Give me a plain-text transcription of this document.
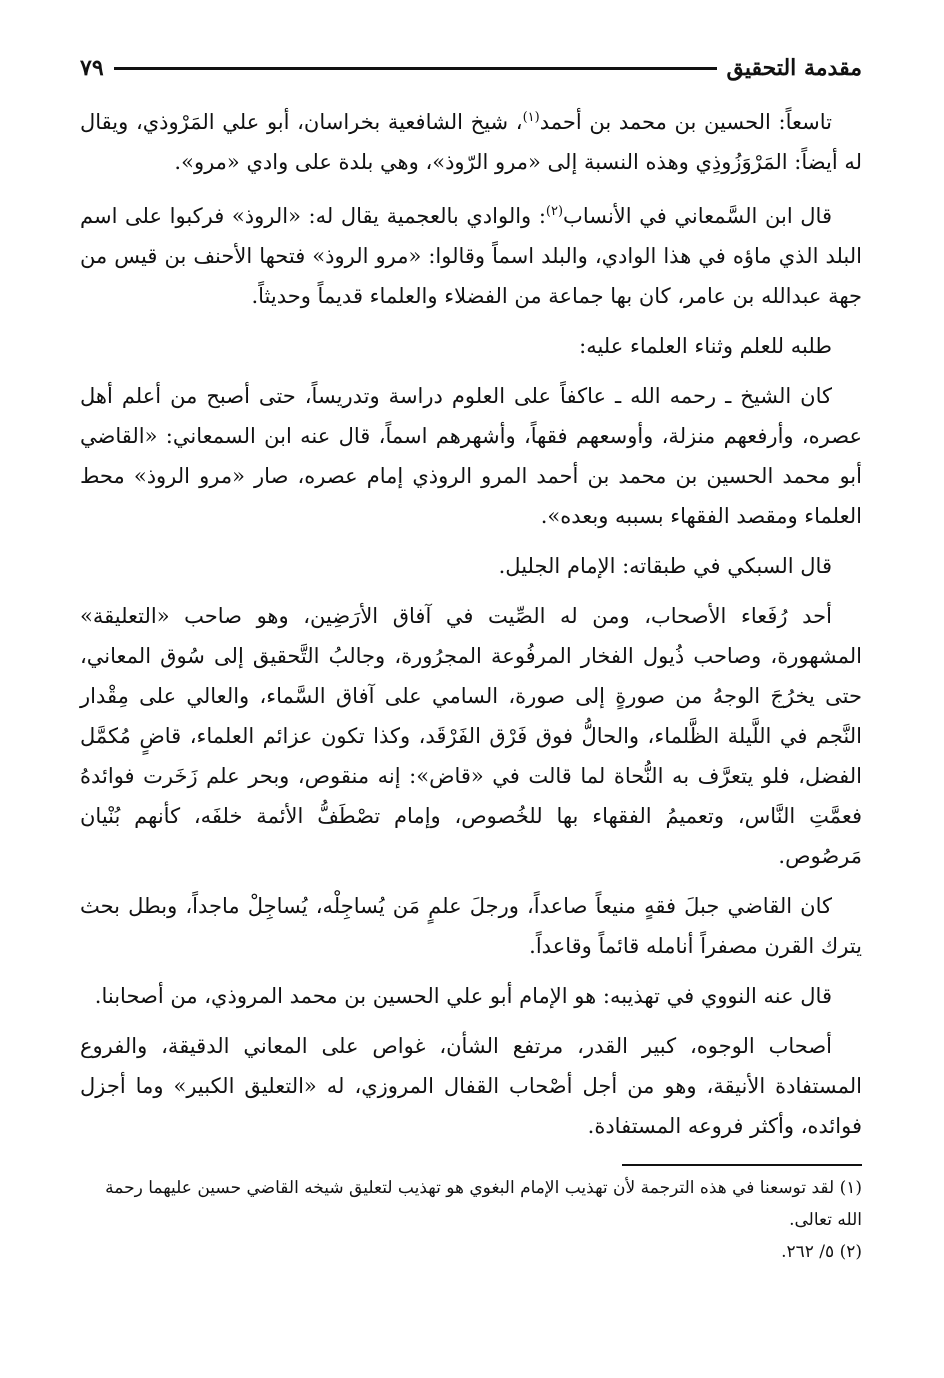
مقدمة التحقيق
٧٩

تاسعاً: الحسين بن محمد بن أحمد$^{(١)}$، شيخ الشافعية بخراسان، أبو علي المَرْوذي، ويقال له أيضاً: المَرْوَزُوذِي وهذه النسبة إلى «مرو الرّوذ»، وهي بلدة على وادي «مرو».

قال ابن السَّمعاني في الأنساب$^{(٢)}$: والوادي بالعجمية يقال له: «الروذ» فركبوا على اسم البلد الذي ماؤه في هذا الوادي، والبلد اسماً وقالوا: «مرو الروذ» فتحها الأحنف بن قيس من جهة عبدالله بن عامر، كان بها جماعة من الفضلاء والعلماء قديماً وحديثاً.

طلبه للعلم وثناء العلماء عليه:

كان الشيخ ـ رحمه الله ـ عاكفاً على العلوم دراسة وتدريساً، حتى أصبح من أعلم أهل عصره، وأرفعهم منزلة، وأوسعهم فقهاً، وأشهرهم اسماً، قال عنه ابن السمعاني: «القاضي أبو محمد الحسين بن محمد بن أحمد المرو الروذي إمام عصره، صار «مرو الروذ» محط العلماء ومقصد الفقهاء بسببه وبعده».

قال السبكي في طبقاته: الإمام الجليل.

أحد رُفَعاء الأصحاب، ومن له الصِّيت في آفاق الأرَضِين، وهو صاحب «التعليقة» المشهورة، وصاحب ذُيول الفخار المرفُوعة المجرُورة، وجالبُ التَّحقيق إلى سُوق المعاني، حتى يخرُجَ الوجهُ من صورةٍ إلى صورة، السامي على آفاق السَّماء، والعالي على مِقْدار النَّجم في اللَّيلة الظَّلماء، والحالُّ فوق فَرْق الفَرْقَد، وكذا تكون عزائم العلماء، قاضٍ مُكمَّل الفضل، فلو يتعرَّف به النُّحاة لما قالت في «قاض»: إنه منقوص، وبحر علم زَخَرت فوائدهُ فعمَّتِ النَّاس، وتعميمُ الفقهاء بها للخُصوص، وإمام تصْطَفُّ الأئمة خلفَه، كأنهم بُنْيان مَرصُوص.

كان القاضي جبلَ فقهٍ منيعاً صاعداً، ورجلَ علمٍ مَن يُساجِلْه، يُساجِلْ ماجداً، وبطل بحث يترك القرن مصفراً أنامله قائماً وقاعداً.

قال عنه النووي في تهذيبه: هو الإمام أبو علي الحسين بن محمد المروذي، من أصحابنا.

أصحاب الوجوه، كبير القدر، مرتفع الشأن، غواص على المعاني الدقيقة، والفروع المستفادة الأنيقة، وهو من أجل أصْحاب القفال المروزي، له «التعليق الكبير» وما أجزل فوائده، وأكثر فروعه المستفادة.

(١) لقد توسعنا في هذه الترجمة لأن تهذيب الإمام البغوي هو تهذيب لتعليق شيخه القاضي حسين عليهما رحمة الله تعالى.

(٢) ٥/ ٢٦٢.
